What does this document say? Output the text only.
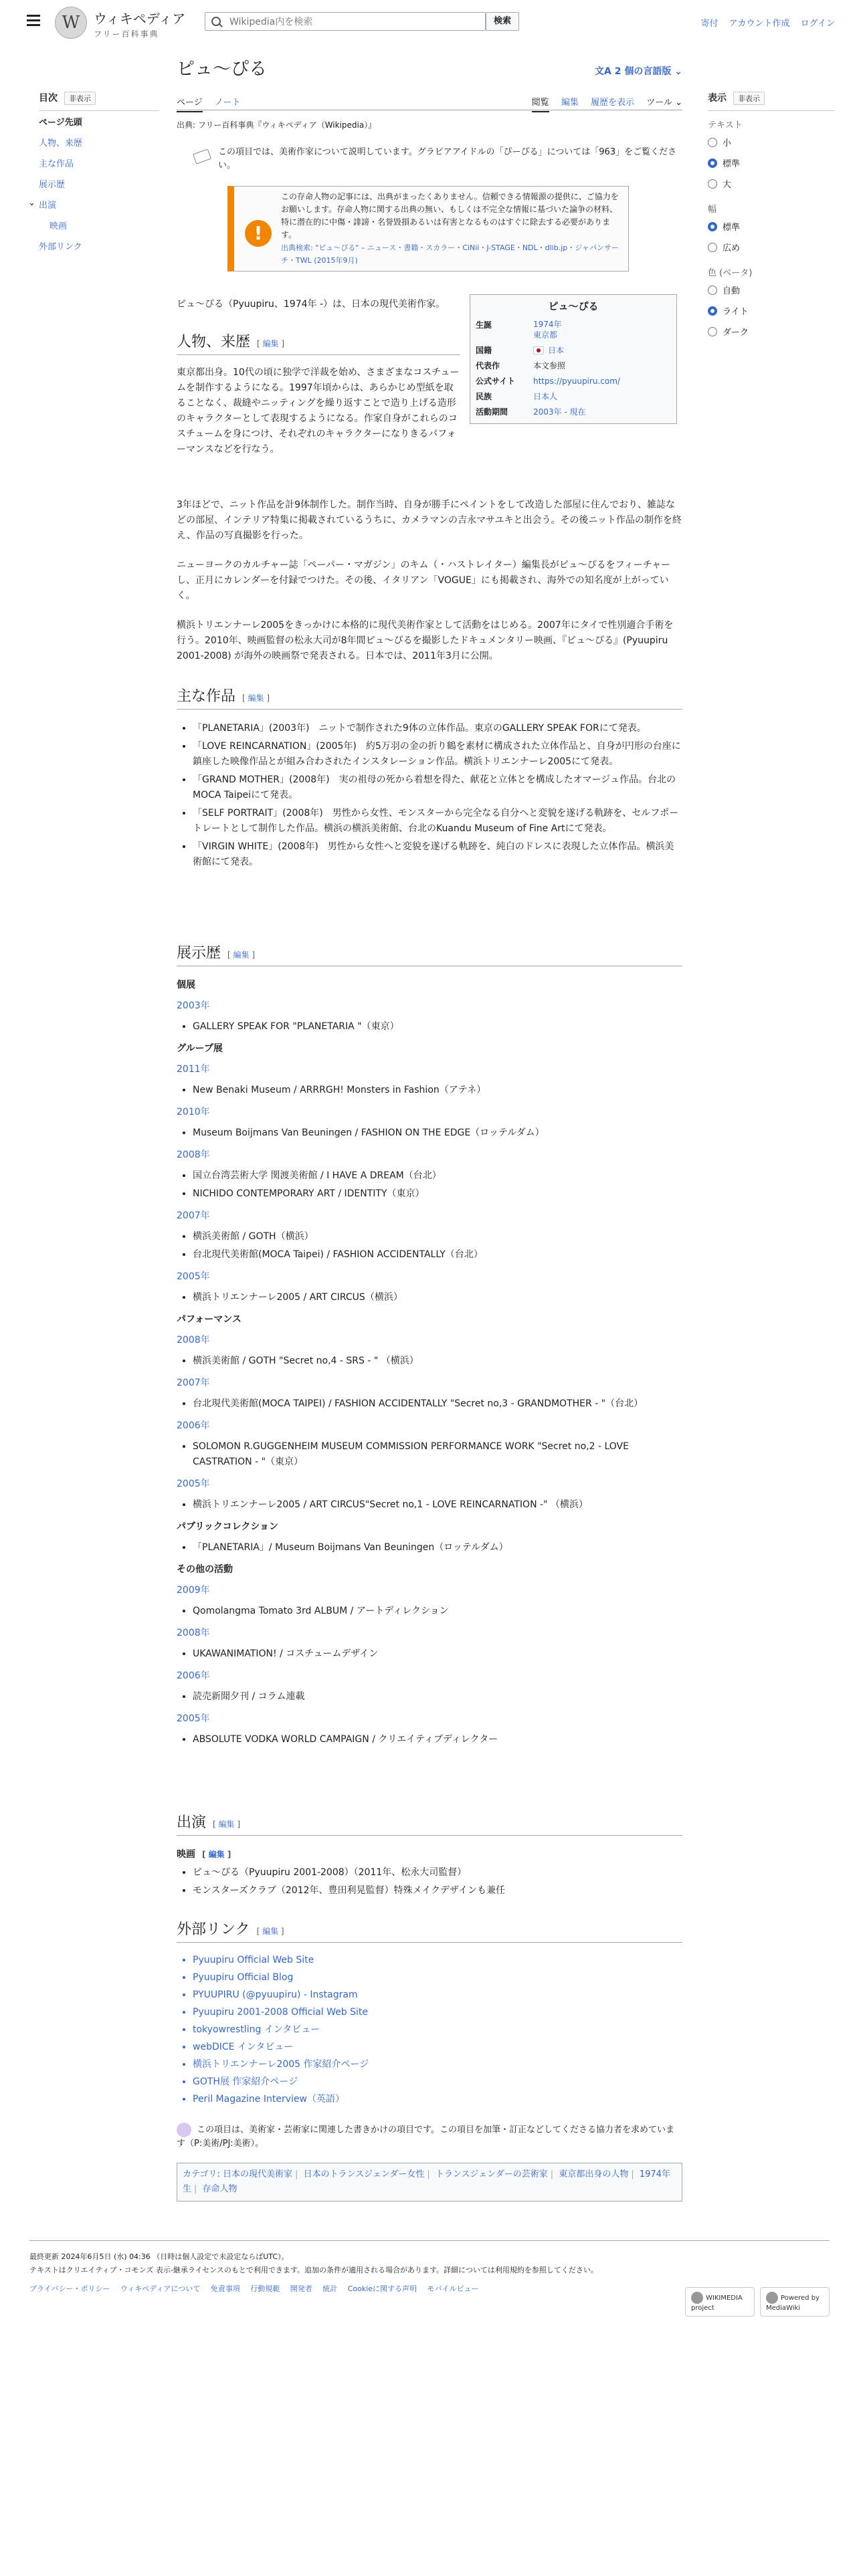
W	ウィキペディア
フリー百科事典
Wikipedia内を検索
検索	寄付 アカウント作成 ログイン
目次 非表示
ページ先頭
人物、来歴
主な作品
展示歴
⌄ 出演
映画
外部リンク
表示 非表示
テキスト
小
標準
大
幅
標準
広め
色 (ベータ)
自動
ライト
ダーク
ピュ〜ぴる	文A 2 個の言語版 ⌄
ページ ノート	閲覧 編集 履歴を表示 ツール ⌄
出典: フリー百科事典『ウィキペディア（Wikipedia）』
この項目では、美術作家について説明しています。グラビアアイドルの「ぴーぴる」については「963」をご覧ください。
!
この存命人物の記事には、出典がまったくありません。信頼できる情報源の提供に、ご協力をお願いします。存命人物に関する出典の無い、もしくは不完全な情報に基づいた論争の材料、特に潜在的に中傷・誹謗・名誉毀損あるいは有害となるものはすぐに除去する必要があります。
出典検索: "ピュ〜ぴる" – ニュース・書籍・スカラー・CiNii・J-STAGE・NDL・dlib.jp・ジャパンサーチ・TWL (2015年9月)
ピュ〜ぴる（Pyuupiru、1974年 -）は、日本の現代美術作家。	ピュ〜ぴる
生誕	1974年
東京都
国籍	日本
代表作	本文参照
公式サイト	https://pyuupiru.com/
民族	日本人
活動期間	2003年 - 現在
人物、来歴 [ 編集 ]
東京都出身。10代の頃に独学で洋裁を始め、さまざまなコスチュームを制作するようになる。1997年頃からは、あらかじめ型紙を取ることなく、裁縫やニッティングを繰り返すことで造り上げる造形のキャラクターとして表現するようになる。作家自身がこれらのコスチュームを身につけ、それぞれのキャラクターになりきるパフォーマンスなどを行なう。
3年ほどで、ニット作品を計9体制作した。制作当時、自身が勝手にペイントをして改造した部屋に住んでおり、雑誌などの部屋、インテリア特集に掲載されているうちに、カメラマンの吉永マサユキと出会う。その後ニット作品の制作を終え、作品の写真撮影を行った。
ニューヨークのカルチャー誌「ペーパー・マガジン」のキム（・ハストレイター）編集長がピュ〜ぴるをフィーチャーし、正月にカレンダーを付録でつけた。その後、イタリアン「VOGUE」にも掲載され、海外での知名度が上がっていく。
横浜トリエンナーレ2005をきっかけに本格的に現代美術作家として活動をはじめる。2007年にタイで性別適合手術を行う。2010年、映画監督の松永大司が8年間ピュ〜ぴるを撮影したドキュメンタリー映画、『ピュ〜ぴる』(Pyuupiru 2001-2008) が海外の映画祭で発表される。日本では、2011年3月に公開。
主な作品 [ 編集 ]
• 「PLANETARIA」(2003年)　ニットで制作された9体の立体作品。東京のGALLERY SPEAK FORにて発表。
• 「LOVE REINCARNATION」(2005年)　約5万羽の金の折り鶴を素材に構成された立体作品と、自身が円形の台座に鎮座した映像作品とが組み合わされたインスタレーション作品。横浜トリエンナーレ2005にて発表。
• 「GRAND MOTHER」(2008年)　実の祖母の死から着想を得た、献花と立体とを構成したオマージュ作品。台北のMOCA Taipeiにて発表。
• 「SELF PORTRAIT」(2008年)　男性から女性、モンスターから完全なる自分へと変貌を遂げる軌跡を、セルフポートレートとして制作した作品。横浜の横浜美術館、台北のKuandu Museum of Fine Artにて発表。
• 「VIRGIN WHITE」(2008年)　男性から女性へと変貌を遂げる軌跡を、純白のドレスに表現した立体作品。横浜美術館にて発表。
展示歴 [ 編集 ]
個展
2003年
• GALLERY SPEAK FOR "PLANETARIA "（東京）
グループ展
2011年
• New Benaki Museum / ARRRGH! Monsters in Fashion（アテネ）
2010年
• Museum Boijmans Van Beuningen / FASHION ON THE EDGE（ロッテルダム）
2008年
• 国立台湾芸術大学 関渡美術館 / I HAVE A DREAM（台北）
• NICHIDO CONTEMPORARY ART / IDENTITY（東京）
2007年
• 横浜美術館 / GOTH（横浜）
• 台北現代美術館(MOCA Taipei) / FASHION ACCIDENTALLY（台北）
2005年
• 横浜トリエンナーレ2005 / ART CIRCUS（横浜）
パフォーマンス
2008年
• 横浜美術館 / GOTH "Secret no,4 - SRS - " （横浜）
2007年
• 台北現代美術館(MOCA TAIPEI) / FASHION ACCIDENTALLY "Secret no,3 - GRANDMOTHER - "（台北）
2006年
• SOLOMON R.GUGGENHEIM MUSEUM COMMISSION PERFORMANCE WORK "Secret no,2 - LOVE CASTRATION - "（東京）
2005年
• 横浜トリエンナーレ2005 / ART CIRCUS"Secret no,1 - LOVE REINCARNATION -" （横浜）
パブリックコレクション
• 「PLANETARIA」/ Museum Boijmans Van Beuningen（ロッテルダム）
その他の活動
2009年
• Qomolangma Tomato 3rd ALBUM / アートディレクション
2008年
• UKAWANIMATION! / コスチュームデザイン
2006年
• 読売新聞夕刊 / コラム連載
2005年
• ABSOLUTE VODKA WORLD CAMPAIGN / クリエイティブディレクター
出演 [ 編集 ]
映画 [ 編集 ]
• ピュ〜ぴる（Pyuupiru 2001-2008）（2011年、松永大司監督）
• モンスターズクラブ（2012年、豊田利晃監督）特殊メイクデザインも兼任
外部リンク [ 編集 ]
• Pyuupiru Official Web Site
• Pyuupiru Official Blog
• PYUUPIRU (@pyuupiru) - Instagram
• Pyuupiru 2001-2008 Official Web Site
• tokyowrestling インタビュー
• webDICE インタビュー
• 横浜トリエンナーレ2005 作家紹介ページ
• GOTH展 作家紹介ページ
• Peril Magazine Interview（英語）
この項目は、美術家・芸術家に関連した書きかけの項目です。この項目を加筆・訂正などしてくださる協力者を求めています（P:美術/PJ:美術）。
カテゴリ: 日本の現代美術家 | 日本のトランスジェンダー女性 | トランスジェンダーの芸術家 | 東京都出身の人物 | 1974年生 | 存命人物
最終更新 2024年6月5日 (水) 04:36 （日時は個人設定で未設定ならばUTC）。
テキストはクリエイティブ・コモンズ 表示-継承ライセンスのもとで利用できます。追加の条件が適用される場合があります。詳細については利用規約を参照してください。
プライバシー・ポリシー ウィキペディアについて 免責事項 行動規範 開発者 統計 Cookieに関する声明 モバイルビュー
WIKIMEDIA project
Powered by MediaWiki
